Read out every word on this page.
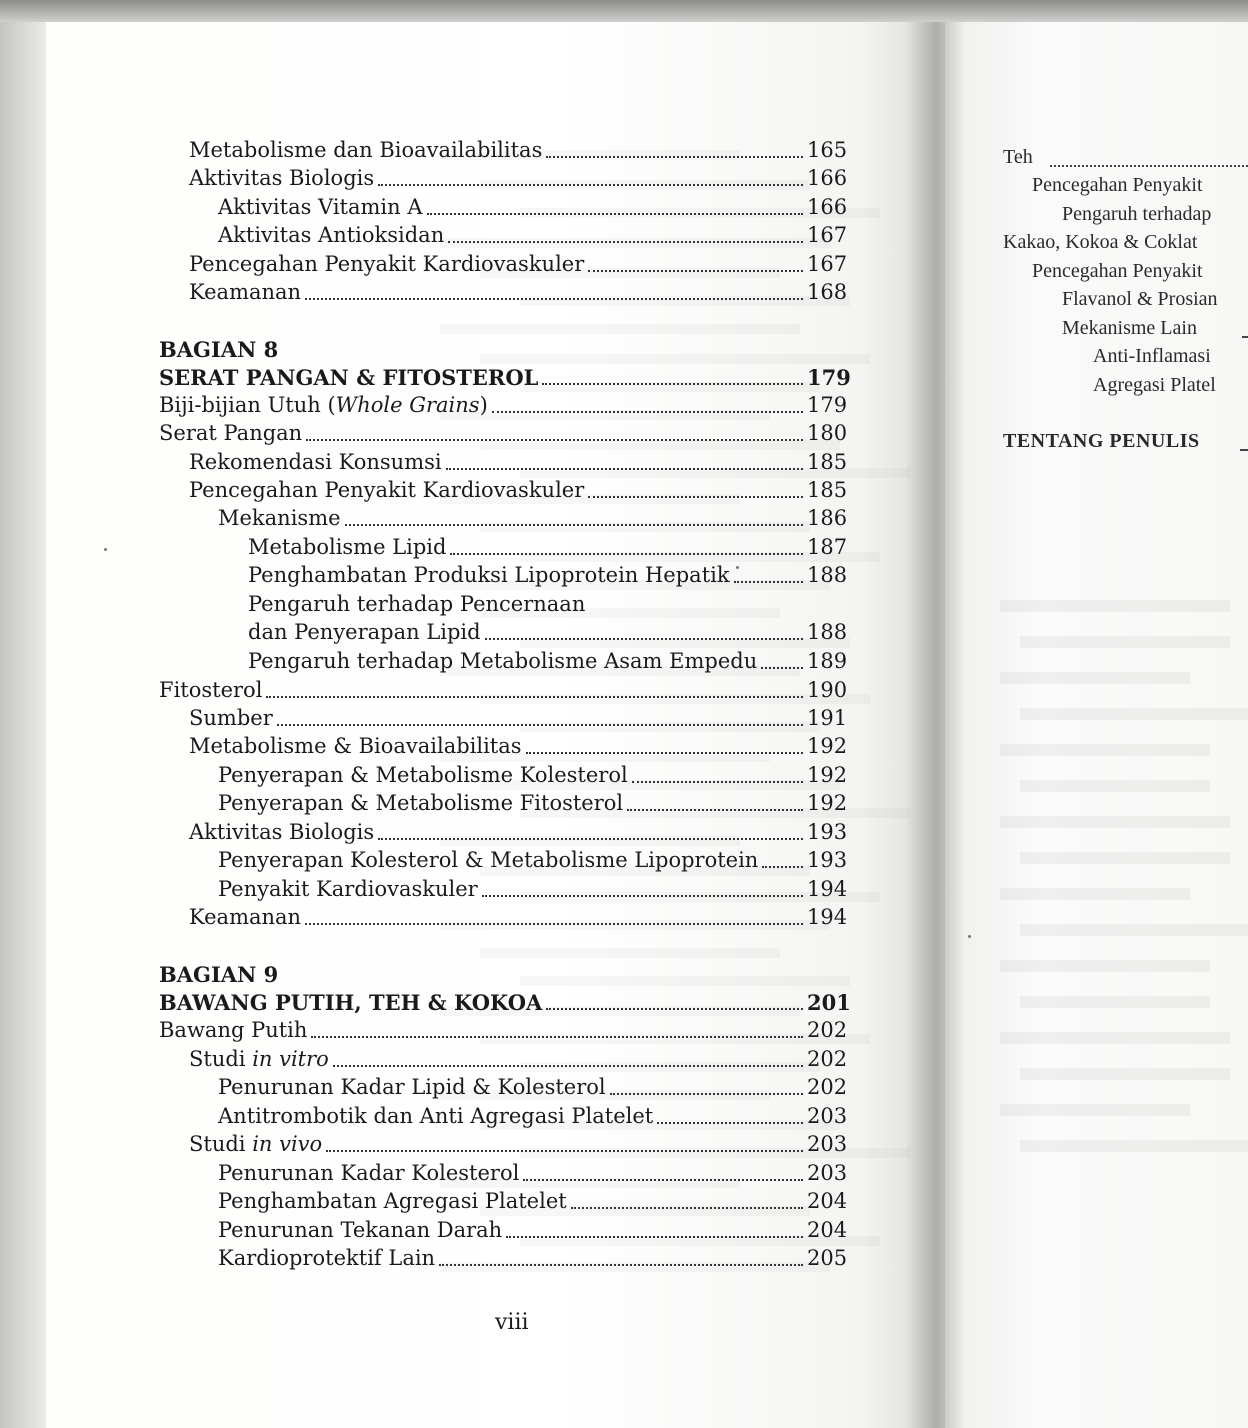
Metabolisme dan Bioavailabilitas	165
Aktivitas Biologis	166
Aktivitas Vitamin A	166
Aktivitas Antioksidan	167
Pencegahan Penyakit Kardiovaskuler	167
Keamanan	168
BAGIAN 8
SERAT PANGAN & FITOSTEROL	179
Biji-bijian Utuh (Whole Grains)	179
Serat Pangan	180
Rekomendasi Konsumsi	185
Pencegahan Penyakit Kardiovaskuler	185
Mekanisme	186
Metabolisme Lipid	187
Penghambatan Produksi Lipoprotein Hepatik	188
Pengaruh terhadap Pencernaan
dan Penyerapan Lipid	188
Pengaruh terhadap Metabolisme Asam Empedu 189
Fitosterol	190
Sumber	191
Metabolisme & Bioavailabilitas	192
Penyerapan & Metabolisme Kolesterol	192
Penyerapan & Metabolisme Fitosterol	192
Aktivitas Biologis	193
Penyerapan Kolesterol & Metabolisme Lipoprotein 193
Penyakit Kardiovaskuler	194
Keamanan	194
BAGIAN 9
BAWANG PUTIH, TEH & KOKOA	201
Bawang Putih	202
Studi in vitro	202
Penurunan Kadar Lipid & Kolesterol	202
Antitrombotik dan Anti Agregasi Platelet	203
Studi in vivo	203
Penurunan Kadar Kolesterol	203
Penghambatan Agregasi Platelet	204
Penurunan Tekanan Darah	204
Kardioprotektif Lain	205
viii
Teh
Pencegahan Penyakit
Pengaruh terhadap
Kakao, Kokoa & Coklat
Pencegahan Penyakit
Flavanol & Prosian
Mekanisme Lain
Anti-Inflamasi
Agregasi Platel
TENTANG PENULIS
